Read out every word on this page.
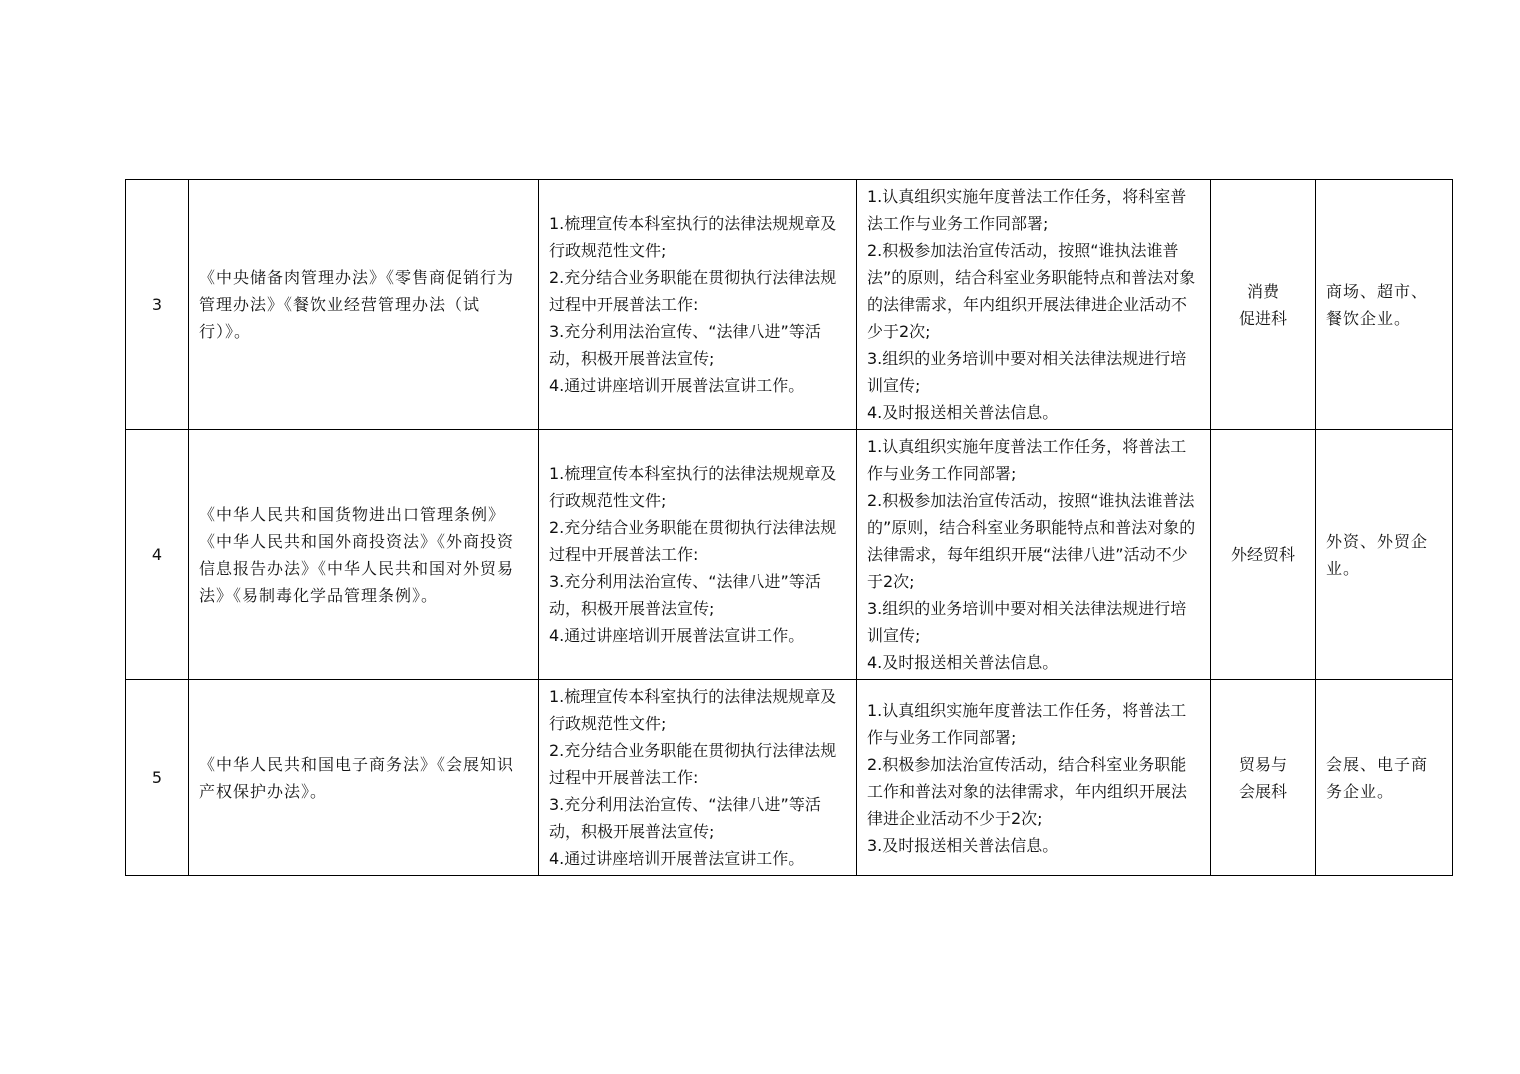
3	《中央储备肉管理办法》《零售商促销行为管理办法》《餐饮业经营管理办法（试行）》。	1.梳理宣传本科室执行的法律法规规章及行政规范性文件;
2.充分结合业务职能在贯彻执行法律法规过程中开展普法工作:
3.充分利用法治宣传、“法律八进”等活动，积极开展普法宣传;
4.通过讲座培训开展普法宣讲工作。	1.认真组织实施年度普法工作任务，将科室普法工作与业务工作同部署;
2.积极参加法治宣传活动，按照“谁执法谁普法”的原则，结合科室业务职能特点和普法对象的法律需求，年内组织开展法律进企业活动不少于2次;
3.组织的业务培训中要对相关法律法规进行培训宣传;
4.及时报送相关普法信息。	消费
促进科	商场、超市、餐饮企业。
4	《中华人民共和国货物进出口管理条例》《中华人民共和国外商投资法》《外商投资信息报告办法》《中华人民共和国对外贸易法》《易制毒化学品管理条例》。	1.梳理宣传本科室执行的法律法规规章及行政规范性文件;
2.充分结合业务职能在贯彻执行法律法规过程中开展普法工作:
3.充分利用法治宣传、“法律八进”等活动，积极开展普法宣传;
4.通过讲座培训开展普法宣讲工作。	1.认真组织实施年度普法工作任务，将普法工作与业务工作同部署;
2.积极参加法治宣传活动，按照“谁执法谁普法的”原则，结合科室业务职能特点和普法对象的法律需求，每年组织开展“法律八进”活动不少于2次;
3.组织的业务培训中要对相关法律法规进行培训宣传;
4.及时报送相关普法信息。	外经贸科	外资、外贸企业。
5	《中华人民共和国电子商务法》《会展知识产权保护办法》。	1.梳理宣传本科室执行的法律法规规章及行政规范性文件;
2.充分结合业务职能在贯彻执行法律法规过程中开展普法工作:
3.充分利用法治宣传、“法律八进”等活动，积极开展普法宣传;
4.通过讲座培训开展普法宣讲工作。	1.认真组织实施年度普法工作任务，将普法工作与业务工作同部署;
2.积极参加法治宣传活动，结合科室业务职能工作和普法对象的法律需求，年内组织开展法律进企业活动不少于2次;
3.及时报送相关普法信息。	贸易与
会展科	会展、电子商务企业。
